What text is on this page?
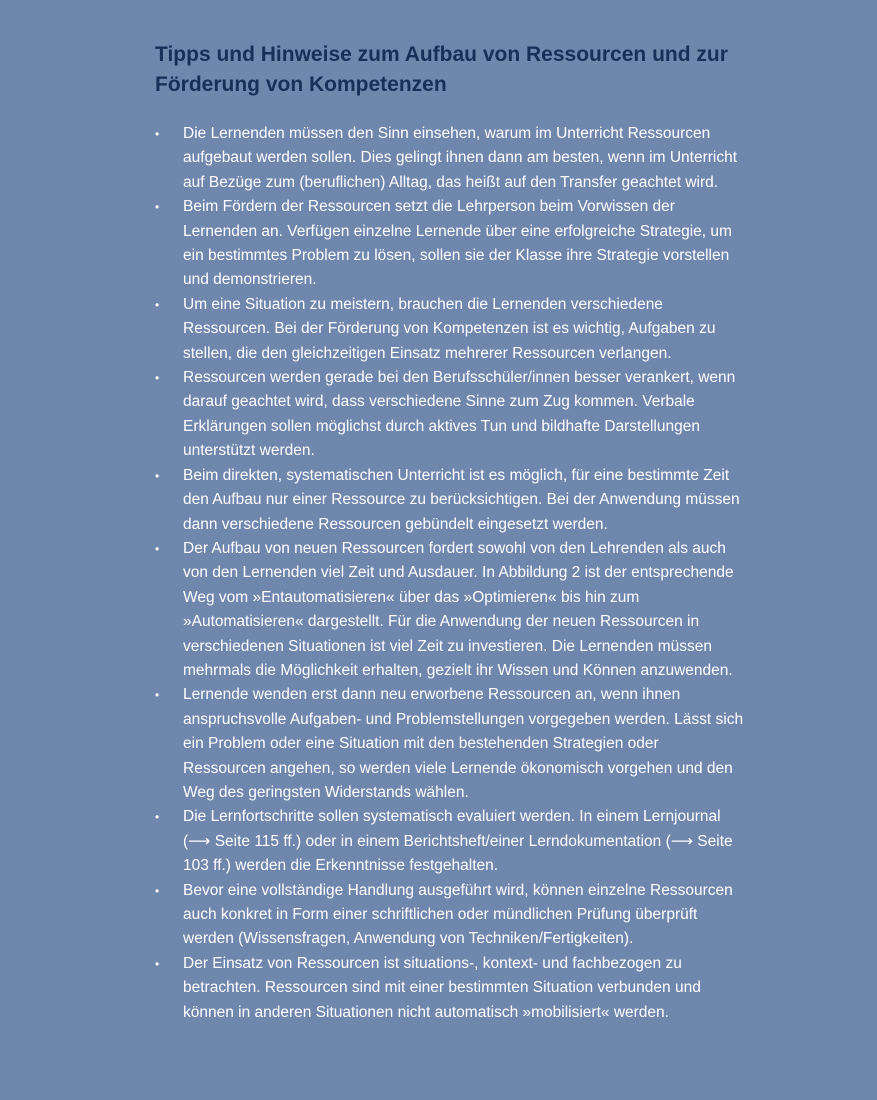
Tipps und Hinweise zum Aufbau von Ressourcen und zur Förderung von Kompetenzen
• Die Lernenden müssen den Sinn einsehen, warum im Unterricht Ressourcen aufgebaut werden sollen. Dies gelingt ihnen dann am besten, wenn im Unterricht auf Bezüge zum (beruflichen) Alltag, das heißt auf den Transfer geachtet wird.
• Beim Fördern der Ressourcen setzt die Lehrperson beim Vorwissen der Lernenden an. Verfügen einzelne Lernende über eine erfolgreiche Strategie, um ein bestimmtes Problem zu lösen, sollen sie der Klasse ihre Strategie vorstellen und demonstrieren.
• Um eine Situation zu meistern, brauchen die Lernenden verschiedene Ressourcen. Bei der Förderung von Kompetenzen ist es wichtig, Aufgaben zu stellen, die den gleichzeitigen Einsatz mehrerer Ressourcen verlangen.
• Ressourcen werden gerade bei den Berufsschüler/innen besser verankert, wenn darauf geachtet wird, dass verschiedene Sinne zum Zug kommen. Verbale Erklärungen sollen möglichst durch aktives Tun und bildhafte Darstellungen unterstützt werden.
• Beim direkten, systematischen Unterricht ist es möglich, für eine bestimmte Zeit den Aufbau nur einer Ressource zu berücksichtigen. Bei der Anwendung müssen dann verschiedene Ressourcen gebündelt eingesetzt werden.
• Der Aufbau von neuen Ressourcen fordert sowohl von den Lehrenden als auch von den Lernenden viel Zeit und Ausdauer. In Abbildung 2 ist der entsprechende Weg vom »Entautomatisieren« über das »Optimieren« bis hin zum »Automatisieren« dargestellt. Für die Anwendung der neuen Ressourcen in verschiedenen Situationen ist viel Zeit zu investieren. Die Lernenden müssen mehrmals die Möglichkeit erhalten, gezielt ihr Wissen und Können anzuwenden.
• Lernende wenden erst dann neu erworbene Ressourcen an, wenn ihnen anspruchsvolle Aufgaben- und Problemstellungen vorgegeben werden. Lässt sich ein Problem oder eine Situation mit den bestehenden Strategien oder Ressourcen angehen, so werden viele Lernende ökonomisch vorgehen und den Weg des geringsten Widerstands wählen.
• Die Lernfortschritte sollen systematisch evaluiert werden. In einem Lernjournal (⟶ Seite 115 ff.) oder in einem Berichtsheft/einer Lerndokumentation (⟶ Seite 103 ff.) werden die Erkenntnisse festgehalten.
• Bevor eine vollständige Handlung ausgeführt wird, können einzelne Ressourcen auch konkret in Form einer schriftlichen oder mündlichen Prüfung überprüft werden (Wissensfragen, Anwendung von Techniken/Fertigkeiten).
• Der Einsatz von Ressourcen ist situations-, kontext- und fachbezogen zu betrachten. Ressourcen sind mit einer bestimmten Situation verbunden und können in anderen Situationen nicht automatisch »mobilisiert« werden.
